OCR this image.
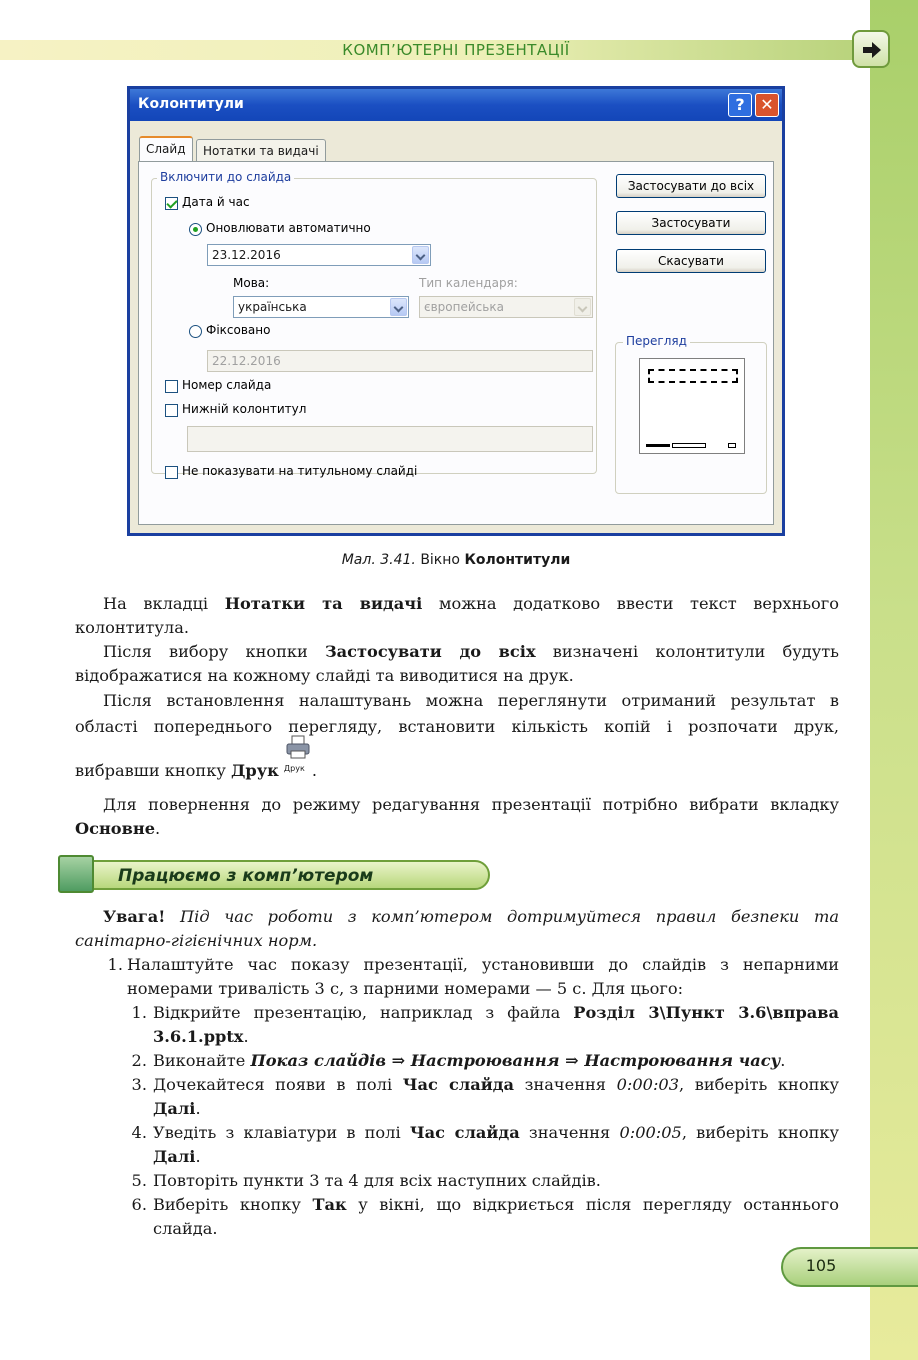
КОМП’ЮТЕРНІ ПРЕЗЕНТАЦІЇ
Колонтитули	? ✕
Слайд	Нотатки та видачі
Включити до слайда
Дата й час
Оновлювати автоматично
23.12.2016
Мова:	Тип календаря:
українська	європейська
Фіксовано
22.12.2016
Номер слайда
Нижній колонтитул
Не показувати на титульному слайді
Застосувати до всіх
Застосувати
Скасувати
Перегляд
Мал. 3.41. Вікно Колонтитули
На вкладці Нотатки та видачі можна додатково ввести текст верхнього колонтитула.
Після вибору кнопки Застосувати до всіх визначені колонтитули будуть відображатися на кожному слайді та виводитися на друк.
Після встановлення налаштувань можна переглянути отриманий результат в області попереднього перегляду, встановити кількість копій і розпочати друк, вибравши кнопку Друк Друк .
Для повернення до режиму редагування презентації потрібно вибрати вкладку Основне.
Працюємо з комп’ютером
Увага! Під час роботи з комп’ютером дотримуйтеся правил безпеки та санітарно-гігієнічних норм.
1. Налаштуйте час показу презентації, установивши до слайдів з непарними номерами тривалість 3 с, з парними номерами — 5 с. Для цього:
1. Відкрийте презентацію, наприклад з файла Розділ 3\Пункт 3.6\вправа 3.6.1.pptx.
2. Виконайте Показ слайдів ⇒ Настроювання ⇒ Настроювання часу.
3. Дочекайтеся появи в полі Час слайда значення 0:00:03, виберіть кнопку Далі.
4. Уведіть з клавіатури в полі Час слайда значення 0:00:05, виберіть кнопку Далі.
5. Повторіть пункти 3 та 4 для всіх наступних слайдів.
6. Виберіть кнопку Так у вікні, що відкриється після перегляду останнього слайда.
105
